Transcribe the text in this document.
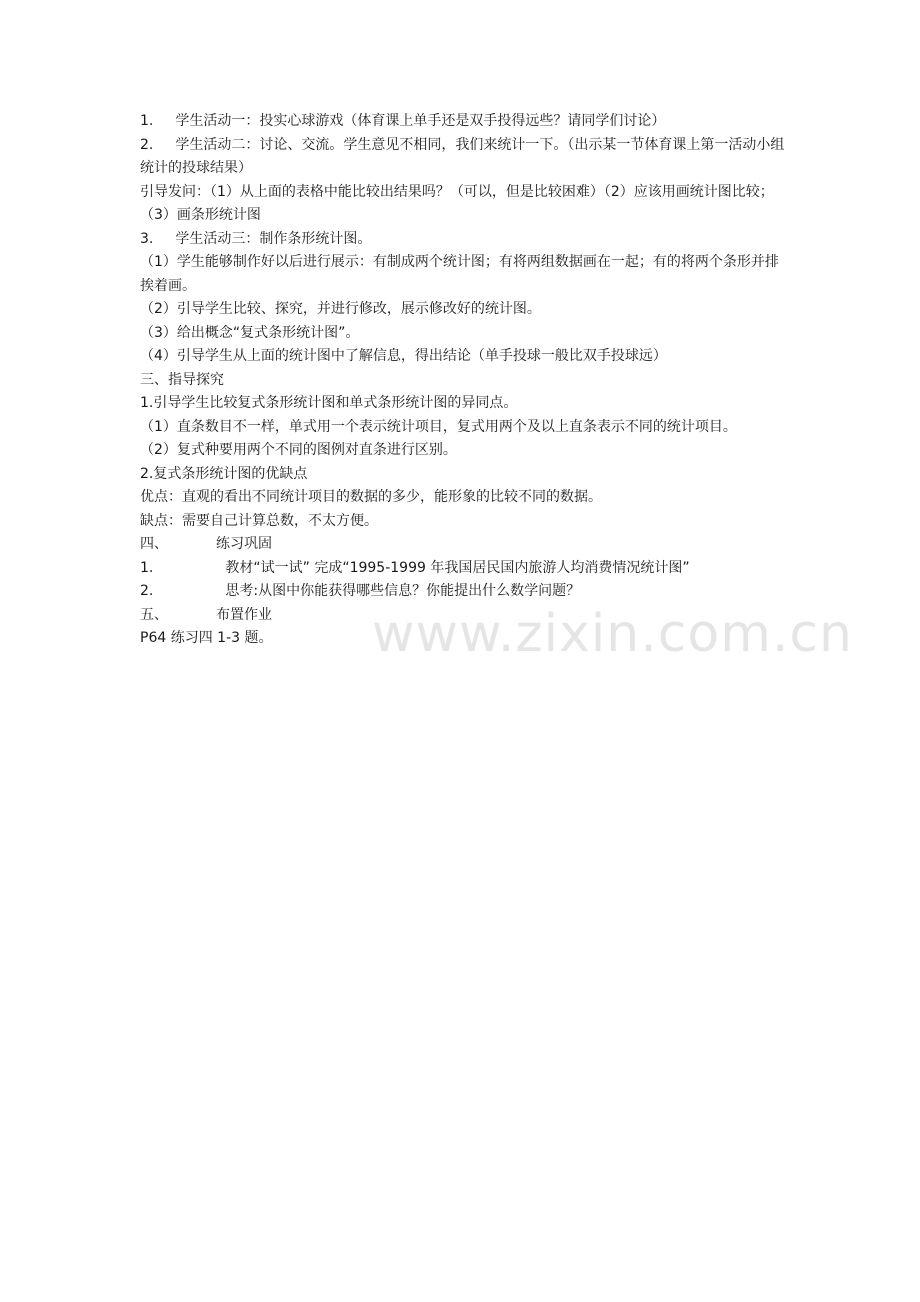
1. 学生活动一：投实心球游戏（体育课上单手还是双手投得远些？请同学们讨论）
2. 学生活动二：讨论、交流。学生意见不相同，我们来统计一下。（出示某一节体育课上第一活动小组统计的投球结果）
引导发问：（1）从上面的表格中能比较出结果吗？（可以，但是比较困难）（2）应该用画统计图比较；（3）画条形统计图
3. 学生活动三：制作条形统计图。
（1）学生能够制作好以后进行展示：有制成两个统计图；有将两组数据画在一起；有的将两个条形并排挨着画。
（2）引导学生比较、探究，并进行修改，展示修改好的统计图。
（3）给出概念“复式条形统计图”。
（4）引导学生从上面的统计图中了解信息，得出结论（单手投球一般比双手投球远）
三、指导探究
1.引导学生比较复式条形统计图和单式条形统计图的异同点。
（1）直条数目不一样，单式用一个表示统计项目，复式用两个及以上直条表示不同的统计项目。
（2）复式种要用两个不同的图例对直条进行区别。
2.复式条形统计图的优缺点
优点：直观的看出不同统计项目的数据的多少，能形象的比较不同的数据。
缺点：需要自己计算总数，不太方便。
四、	练习巩固
1.	教材“试一试” 完成“1995-1999 年我国居民国内旅游人均消费情况统计图”
2.	思考:从图中你能获得哪些信息？你能提出什么数学问题？
五、	布置作业
P64 练习四 1-3 题。	www.zixin.com.cn
